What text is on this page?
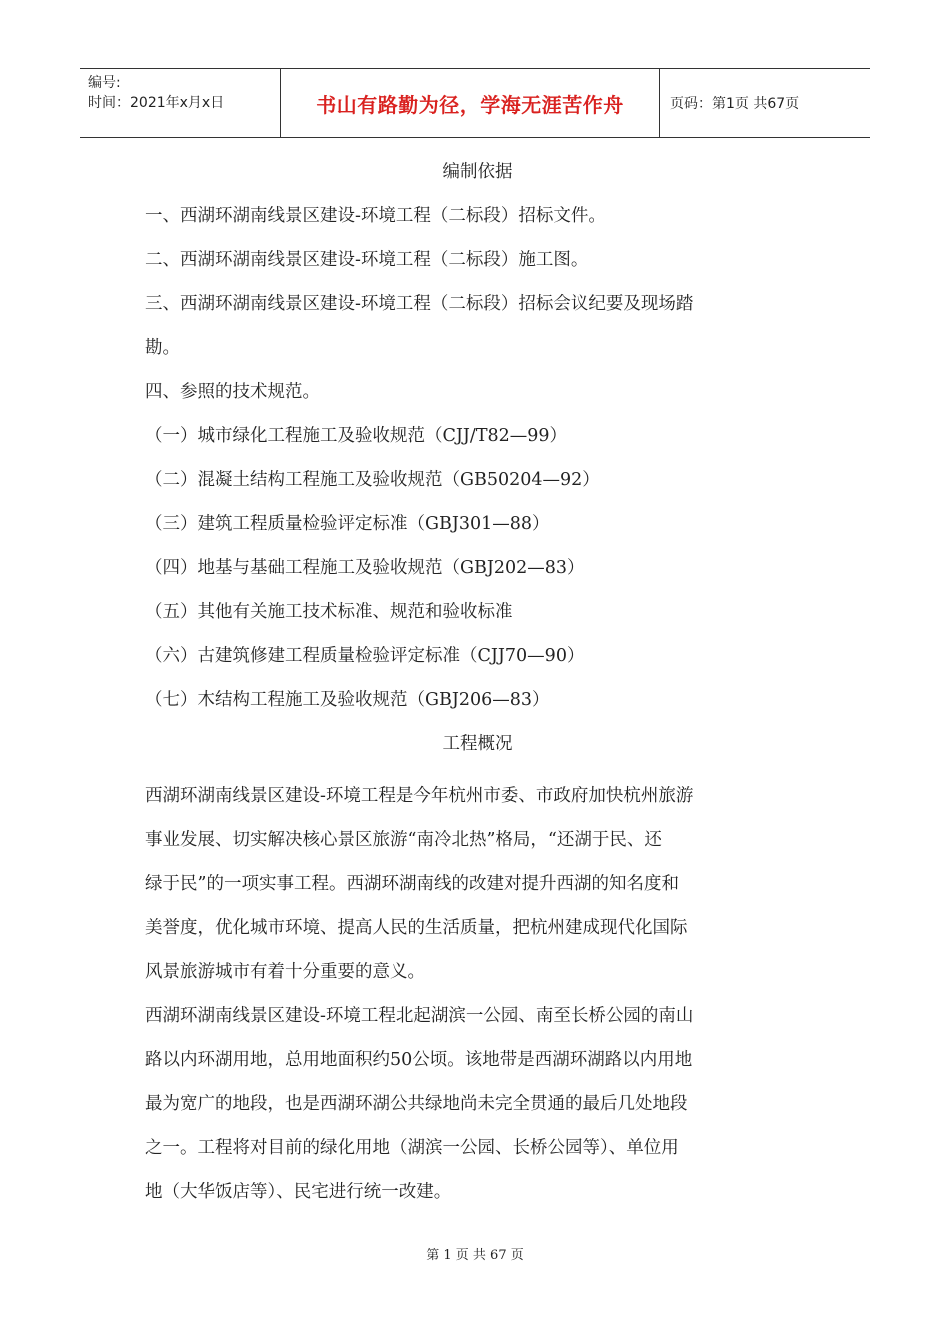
编号:
时间：2021年x月x日	书山有路勤为径，学海无涯苦作舟	页码：第1页 共67页
编制依据
一、西湖环湖南线景区建设-环境工程（二标段）招标文件。
二、西湖环湖南线景区建设-环境工程（二标段）施工图。
三、西湖环湖南线景区建设-环境工程（二标段）招标会议纪要及现场踏
勘。
四、参照的技术规范。
（一）城市绿化工程施工及验收规范（CJJ/T82—99）
（二）混凝土结构工程施工及验收规范（GB50204—92）
（三）建筑工程质量检验评定标准（GBJ301—88）
（四）地基与基础工程施工及验收规范（GBJ202—83）
（五）其他有关施工技术标准、规范和验收标准
（六）古建筑修建工程质量检验评定标准（CJJ70—90）
（七）木结构工程施工及验收规范（GBJ206—83）
工程概况

西湖环湖南线景区建设-环境工程是今年杭州市委、市政府加快杭州旅游

事业发展、切实解决核心景区旅游“南冷北热”格局，“还湖于民、还

绿于民”的一项实事工程。西湖环湖南线的改建对提升西湖的知名度和

美誉度，优化城市环境、提高人民的生活质量，把杭州建成现代化国际

风景旅游城市有着十分重要的意义。

西湖环湖南线景区建设-环境工程北起湖滨一公园、南至长桥公园的南山

路以内环湖用地，总用地面积约50公顷。该地带是西湖环湖路以内用地

最为宽广的地段，也是西湖环湖公共绿地尚未完全贯通的最后几处地段

之一。工程将对目前的绿化用地（湖滨一公园、长桥公园等）、单位用

地（大华饭店等）、民宅进行统一改建。

第 1 页 共 67 页
